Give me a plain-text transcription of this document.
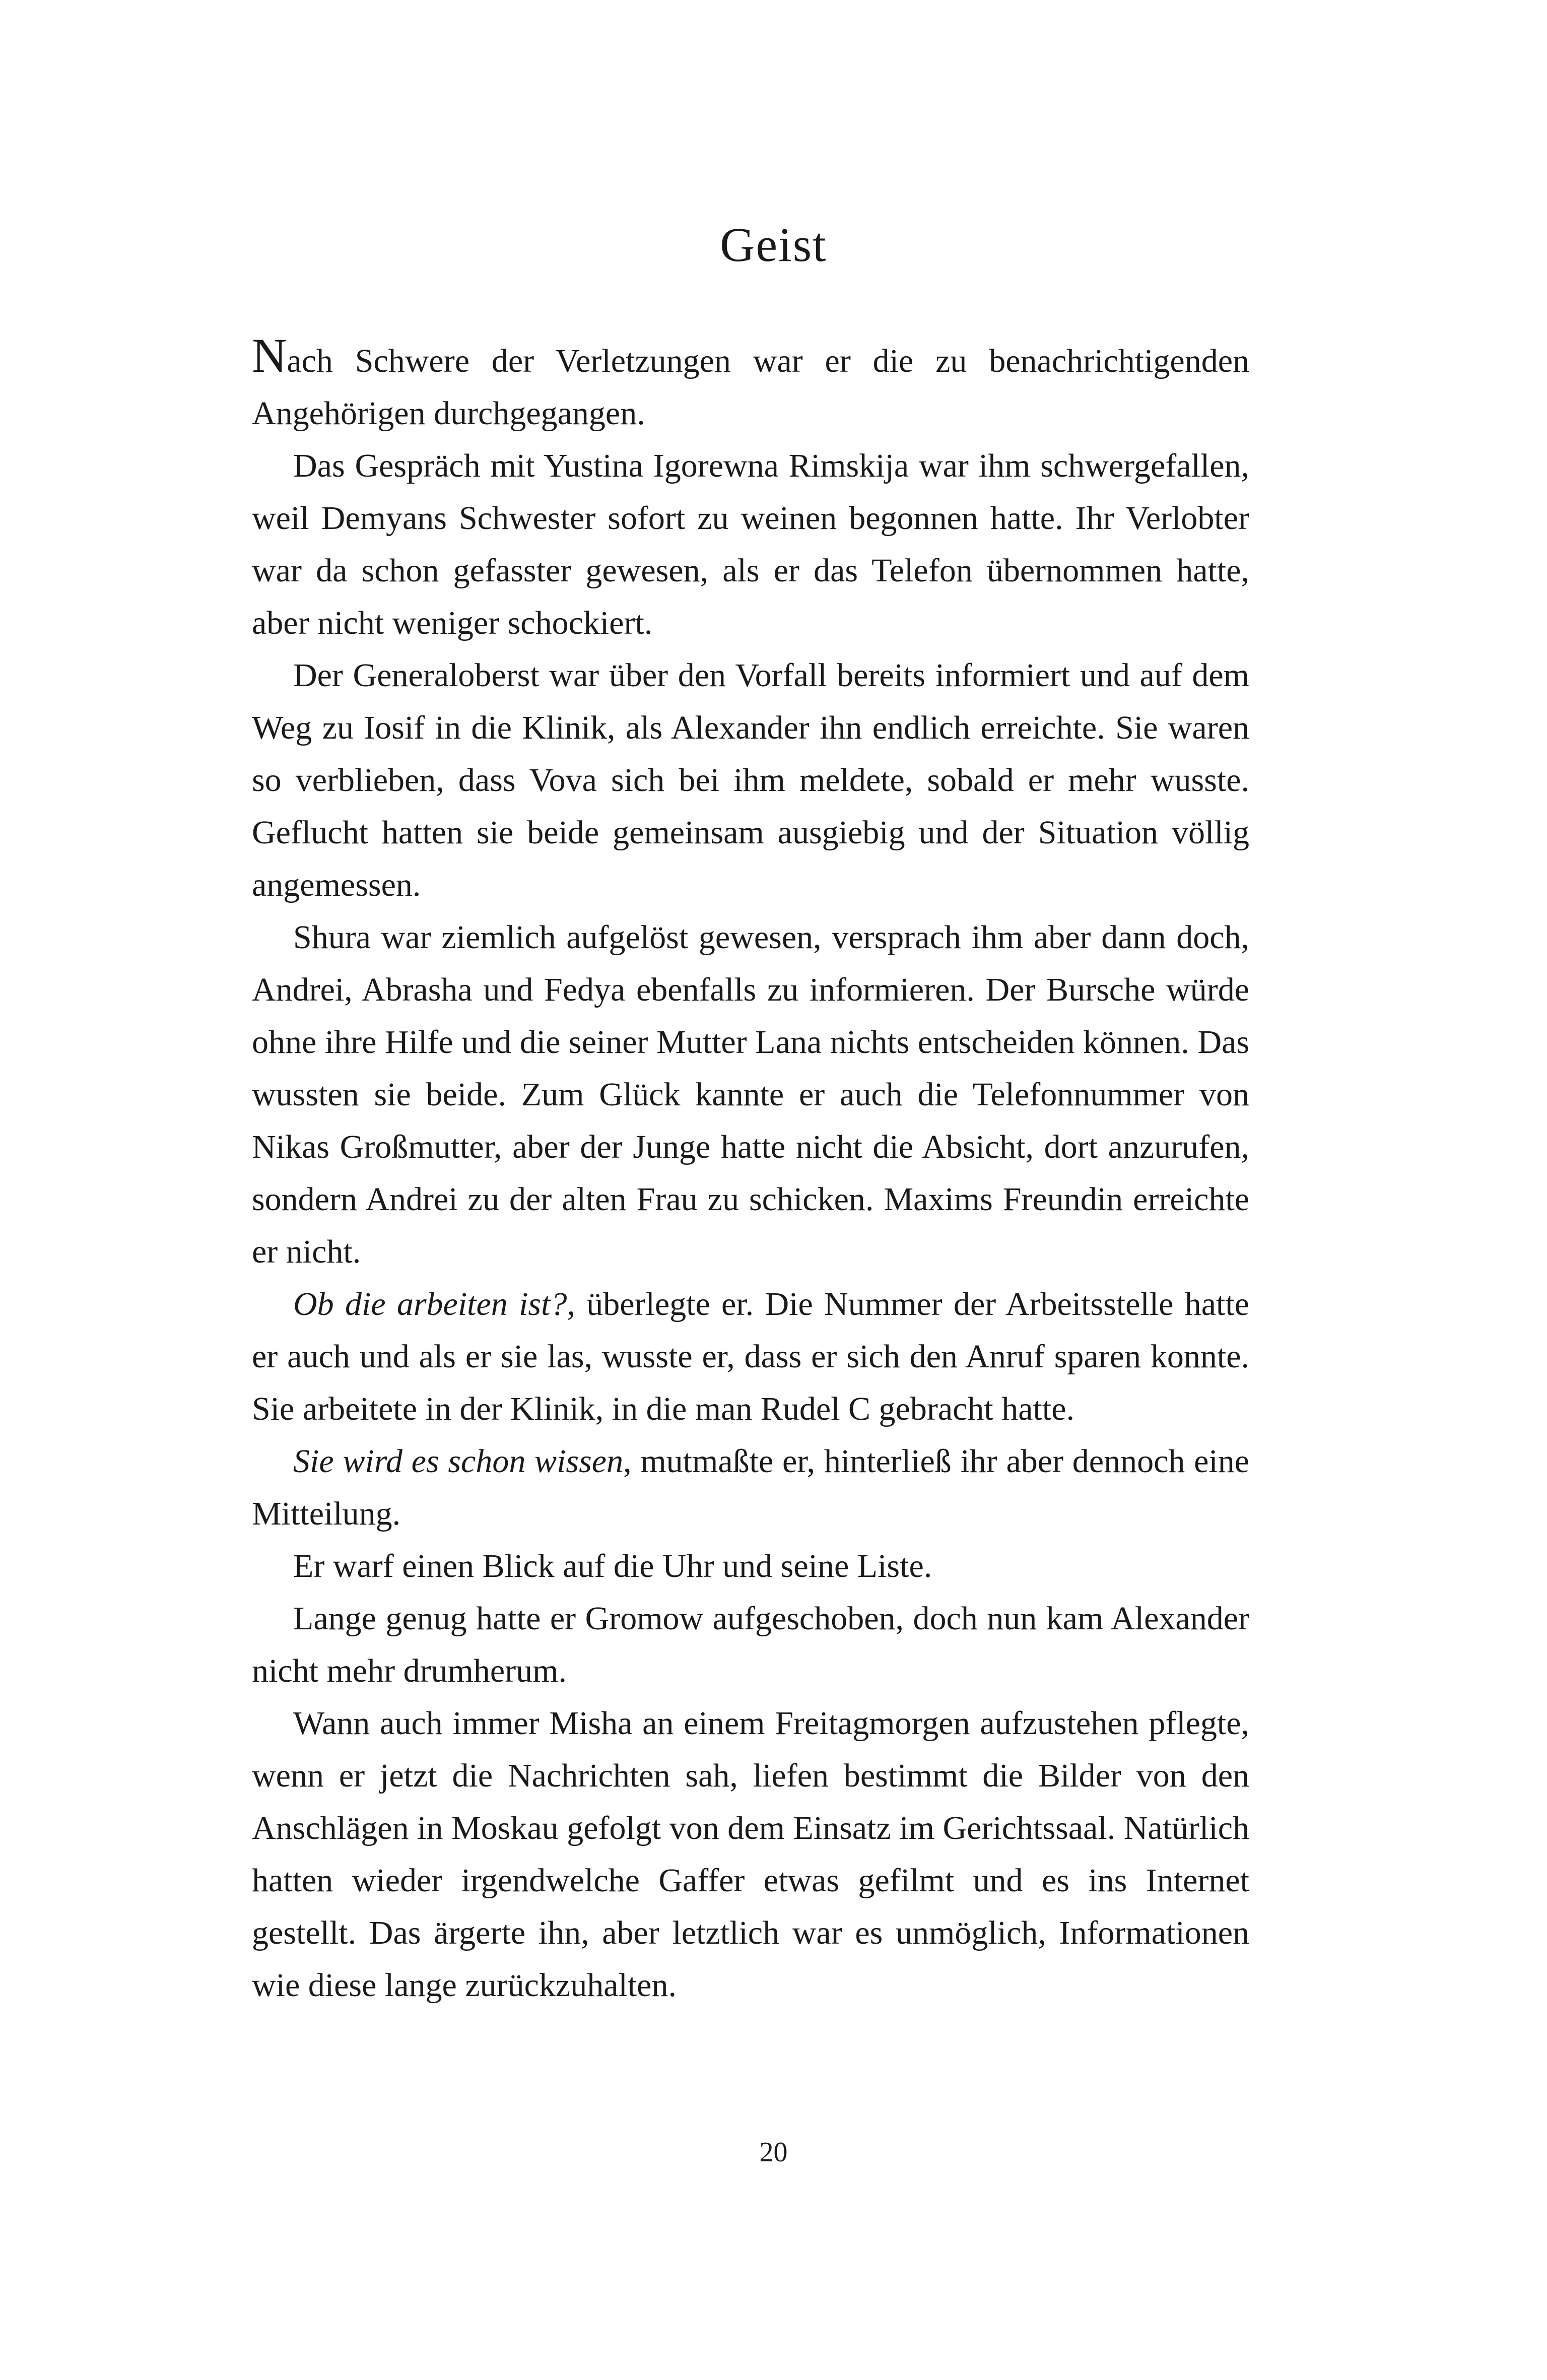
Geist

Nach Schwere der Verletzungen war er die zu benachrichtigenden Angehörigen durchgegangen.

Das Gespräch mit Yustina Igorewna Rimskija war ihm schwergefallen, weil Demyans Schwester sofort zu weinen begonnen hatte. Ihr Verlobter war da schon gefasster gewesen, als er das Telefon übernommen hatte, aber nicht weniger schockiert.

Der Generaloberst war über den Vorfall bereits informiert und auf dem Weg zu Iosif in die Klinik, als Alexander ihn endlich erreichte. Sie waren so verblieben, dass Vova sich bei ihm meldete, sobald er mehr wusste. Geflucht hatten sie beide gemeinsam ausgiebig und der Situation völlig angemessen.

Shura war ziemlich aufgelöst gewesen, versprach ihm aber dann doch, Andrei, Abrasha und Fedya ebenfalls zu informieren. Der Bursche würde ohne ihre Hilfe und die seiner Mutter Lana nichts entscheiden können. Das wussten sie beide. Zum Glück kannte er auch die Telefonnummer von Nikas Großmutter, aber der Junge hatte nicht die Absicht, dort anzurufen, sondern Andrei zu der alten Frau zu schicken. Maxims Freundin erreichte er nicht.

Ob die arbeiten ist?, überlegte er. Die Nummer der Arbeitsstelle hatte er auch und als er sie las, wusste er, dass er sich den Anruf sparen konnte. Sie arbeitete in der Klinik, in die man Rudel C gebracht hatte.

Sie wird es schon wissen, mutmaßte er, hinterließ ihr aber dennoch eine Mitteilung.

Er warf einen Blick auf die Uhr und seine Liste.

Lange genug hatte er Gromow aufgeschoben, doch nun kam Alexander nicht mehr drumherum.

Wann auch immer Misha an einem Freitagmorgen aufzustehen pflegte, wenn er jetzt die Nachrichten sah, liefen bestimmt die Bilder von den Anschlägen in Moskau gefolgt von dem Einsatz im Gerichtssaal. Natürlich hatten wieder irgendwelche Gaffer etwas gefilmt und es ins Internet gestellt. Das ärgerte ihn, aber letztlich war es unmöglich, Informationen wie diese lange zurückzuhalten.

20
